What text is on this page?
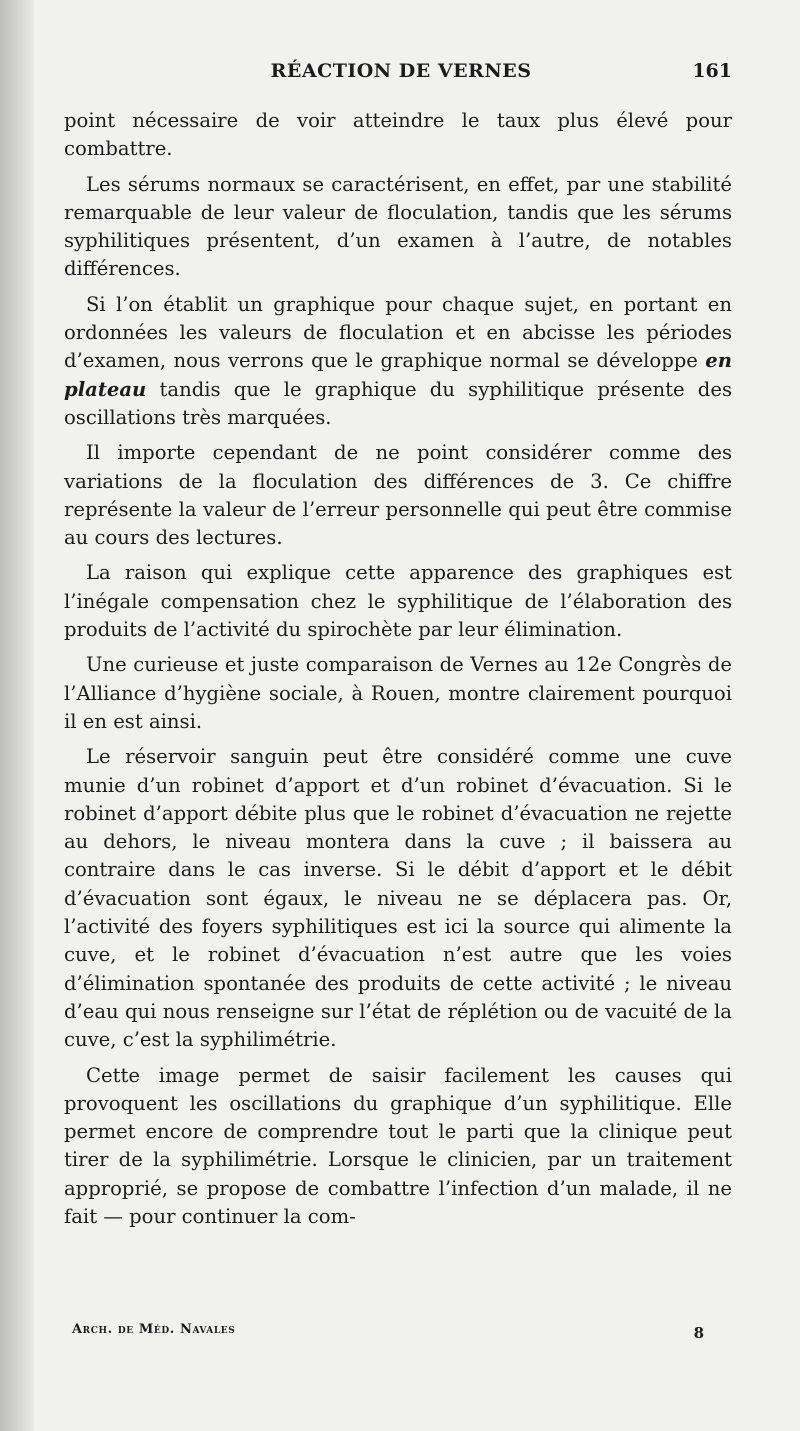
RÉACTION DE VERNES	161

point nécessaire de voir atteindre le taux plus élevé pour combattre.

Les sérums normaux se caractérisent, en effet, par une stabilité remarquable de leur valeur de floculation, tandis que les sérums syphilitiques présentent, d’un examen à l’autre, de notables différences.

Si l’on établit un graphique pour chaque sujet, en portant en ordonnées les valeurs de floculation et en abcisse les périodes d’examen, nous verrons que le graphique normal se développe en plateau tandis que le graphique du syphilitique présente des oscillations très marquées.

Il importe cependant de ne point considérer comme des variations de la floculation des différences de 3. Ce chiffre représente la valeur de l’erreur personnelle qui peut être commise au cours des lectures.

La raison qui explique cette apparence des graphiques est l’inégale compensation chez le syphilitique de l’élaboration des produits de l’activité du spirochète par leur élimination.

Une curieuse et juste comparaison de Vernes au 12e Congrès de l’Alliance d’hygiène sociale, à Rouen, montre clairement pourquoi il en est ainsi.

Le réservoir sanguin peut être considéré comme une cuve munie d’un robinet d’apport et d’un robinet d’évacuation. Si le robinet d’apport débite plus que le robinet d’évacuation ne rejette au dehors, le niveau montera dans la cuve ; il baissera au contraire dans le cas inverse. Si le débit d’apport et le débit d’évacuation sont égaux, le niveau ne se déplacera pas. Or, l’activité des foyers syphilitiques est ici la source qui alimente la cuve, et le robinet d’évacuation n’est autre que les voies d’élimination spontanée des produits de cette activité ; le niveau d’eau qui nous renseigne sur l’état de réplétion ou de vacuité de la cuve, c’est la syphilimétrie.

Cette image permet de saisir facilement les causes qui provoquent les oscillations du graphique d’un syphilitique. Elle permet encore de comprendre tout le parti que la clinique peut tirer de la syphilimétrie. Lorsque le clinicien, par un traitement approprié, se propose de combattre l’infection d’un malade, il ne fait — pour continuer la com-

Arch. de Méd. Navales	8
